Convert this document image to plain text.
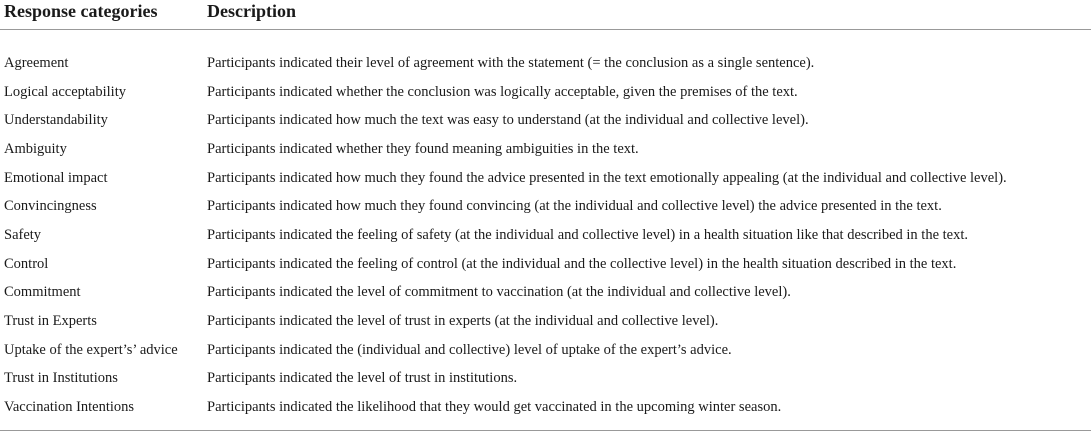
Response categories	Description

Agreement	Participants indicated their level of agreement with the statement (= the conclusion as a single sentence).
Logical acceptability	Participants indicated whether the conclusion was logically acceptable, given the premises of the text.
Understandability	Participants indicated how much the text was easy to understand (at the individual and collective level).
Ambiguity	Participants indicated whether they found meaning ambiguities in the text.
Emotional impact	Participants indicated how much they found the advice presented in the text emotionally appealing (at the individual and collective level).
Convincingness	Participants indicated how much they found convincing (at the individual and collective level) the advice presented in the text.
Safety	Participants indicated the feeling of safety (at the individual and collective level) in a health situation like that described in the text.
Control	Participants indicated the feeling of control (at the individual and the collective level) in the health situation described in the text.
Commitment	Participants indicated the level of commitment to vaccination (at the individual and collective level).
Trust in Experts	Participants indicated the level of trust in experts (at the individual and collective level).
Uptake of the expert’s’ advice	Participants indicated the (individual and collective) level of uptake of the expert’s advice.
Trust in Institutions	Participants indicated the level of trust in institutions.
Vaccination Intentions	Participants indicated the likelihood that they would get vaccinated in the upcoming winter season.
